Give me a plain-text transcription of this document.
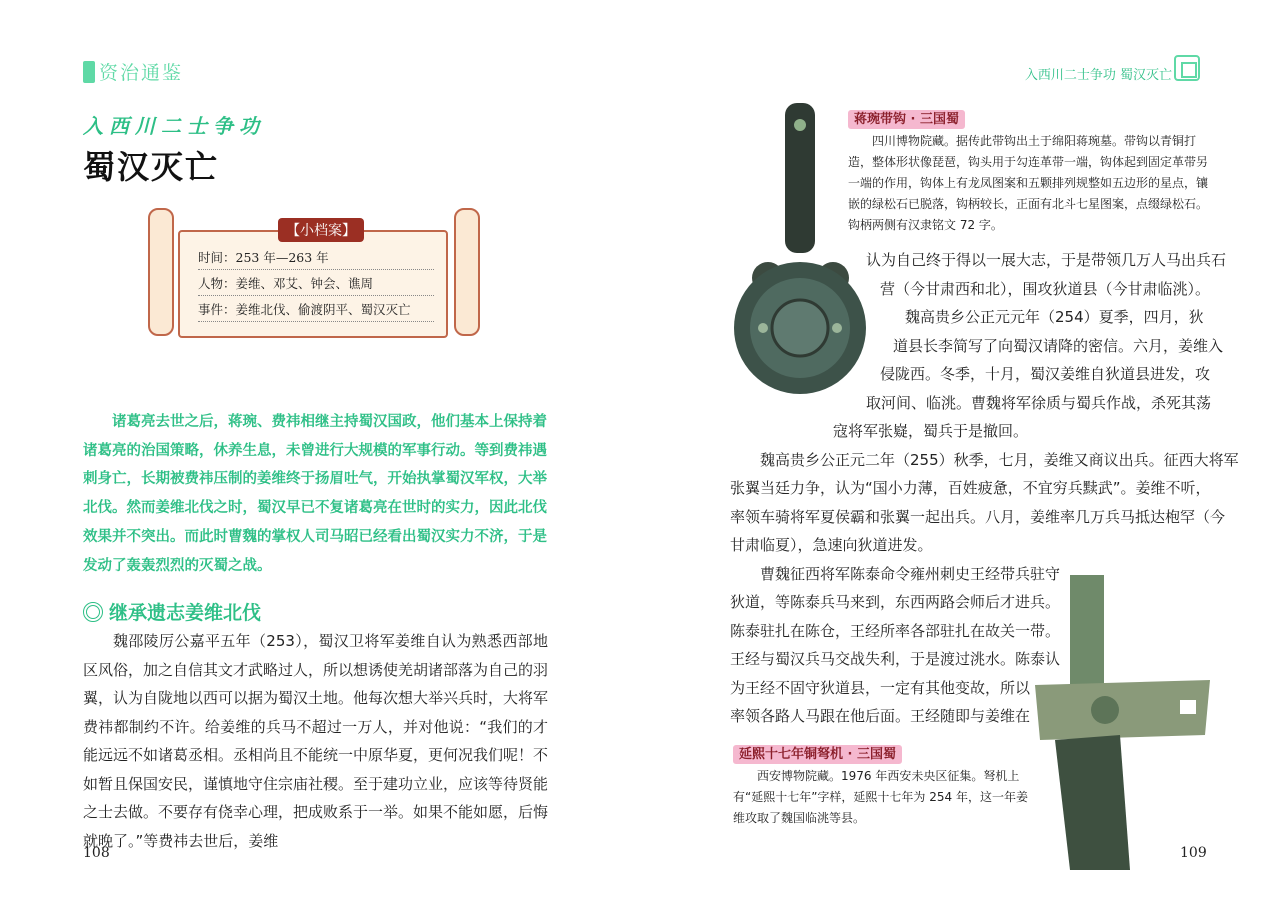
资治通鉴	入西川二士争功 蜀汉灭亡
入西川二士争功
蜀汉灭亡
【小档案】
时间：253 年—263 年
人物：姜维、邓艾、钟会、谯周
事件：姜维北伐、偷渡阴平、蜀汉灭亡
诸葛亮去世之后，蒋琬、费祎相继主持蜀汉国政，他们基本上保持着诸葛亮的治国策略，休养生息，未曾进行大规模的军事行动。等到费祎遇刺身亡，长期被费祎压制的姜维终于扬眉吐气，开始执掌蜀汉军权，大举北伐。然而姜维北伐之时，蜀汉早已不复诸葛亮在世时的实力，因此北伐效果并不突出。而此时曹魏的掌权人司马昭已经看出蜀汉实力不济，于是发动了轰轰烈烈的灭蜀之战。
继承遗志姜维北伐
魏邵陵厉公嘉平五年（253），蜀汉卫将军姜维自认为熟悉西部地区风俗，加之自信其文才武略过人，所以想诱使羌胡诸部落为自己的羽翼，认为自陇地以西可以据为蜀汉土地。他每次想大举兴兵时，大将军费祎都制约不许。给姜维的兵马不超过一万人，并对他说：“我们的才能远远不如诸葛丞相。丞相尚且不能统一中原华夏，更何况我们呢！不如暂且保国安民，谨慎地守住宗庙社稷。至于建功立业，应该等待贤能之士去做。不要存有侥幸心理，把成败系于一举。如果不能如愿，后悔就晚了。”等费祎去世后，姜维
108	109
蒋琬带钩 · 三国蜀
四川博物院藏。据传此带钩出土于绵阳蒋琬墓。带钩以青铜打造，整体形状像琵琶，钩头用于勾连革带一端，钩体起到固定革带另一端的作用，钩体上有龙凤图案和五颗排列规整如五边形的星点，镶嵌的绿松石已脱落，钩柄较长，正面有北斗七星图案，点缀绿松石。钩柄两侧有汉隶铭文 72 字。
认为自己终于得以一展大志，于是带领几万人马出兵石
营（今甘肃西和北），围攻狄道县（今甘肃临洮）。
魏高贵乡公正元元年（254）夏季，四月，狄
道县长李简写了向蜀汉请降的密信。六月，姜维入
侵陇西。冬季，十月，蜀汉姜维自狄道县进发，攻
取河间、临洮。曹魏将军徐质与蜀兵作战，杀死其荡
寇将军张嶷，蜀兵于是撤回。
魏高贵乡公正元二年（255）秋季，七月，姜维又商议出兵。征西大将军
张翼当廷力争，认为“国小力薄，百姓疲惫，不宜穷兵黩武”。姜维不听，
率领车骑将军夏侯霸和张翼一起出兵。八月，姜维率几万兵马抵达枹罕（今
甘肃临夏），急速向狄道进发。
曹魏征西将军陈泰命令雍州刺史王经带兵驻守
狄道，等陈泰兵马来到，东西两路会师后才进兵。
陈泰驻扎在陈仓，王经所率各部驻扎在故关一带。
王经与蜀汉兵马交战失利，于是渡过洮水。陈泰认
为王经不固守狄道县，一定有其他变故，所以
率领各路人马跟在他后面。王经随即与姜维在
延熙十七年铜弩机 · 三国蜀
西安博物院藏。1976 年西安未央区征集。弩机上有“延熙十七年”字样，延熙十七年为 254 年，这一年姜维攻取了魏国临洮等县。
